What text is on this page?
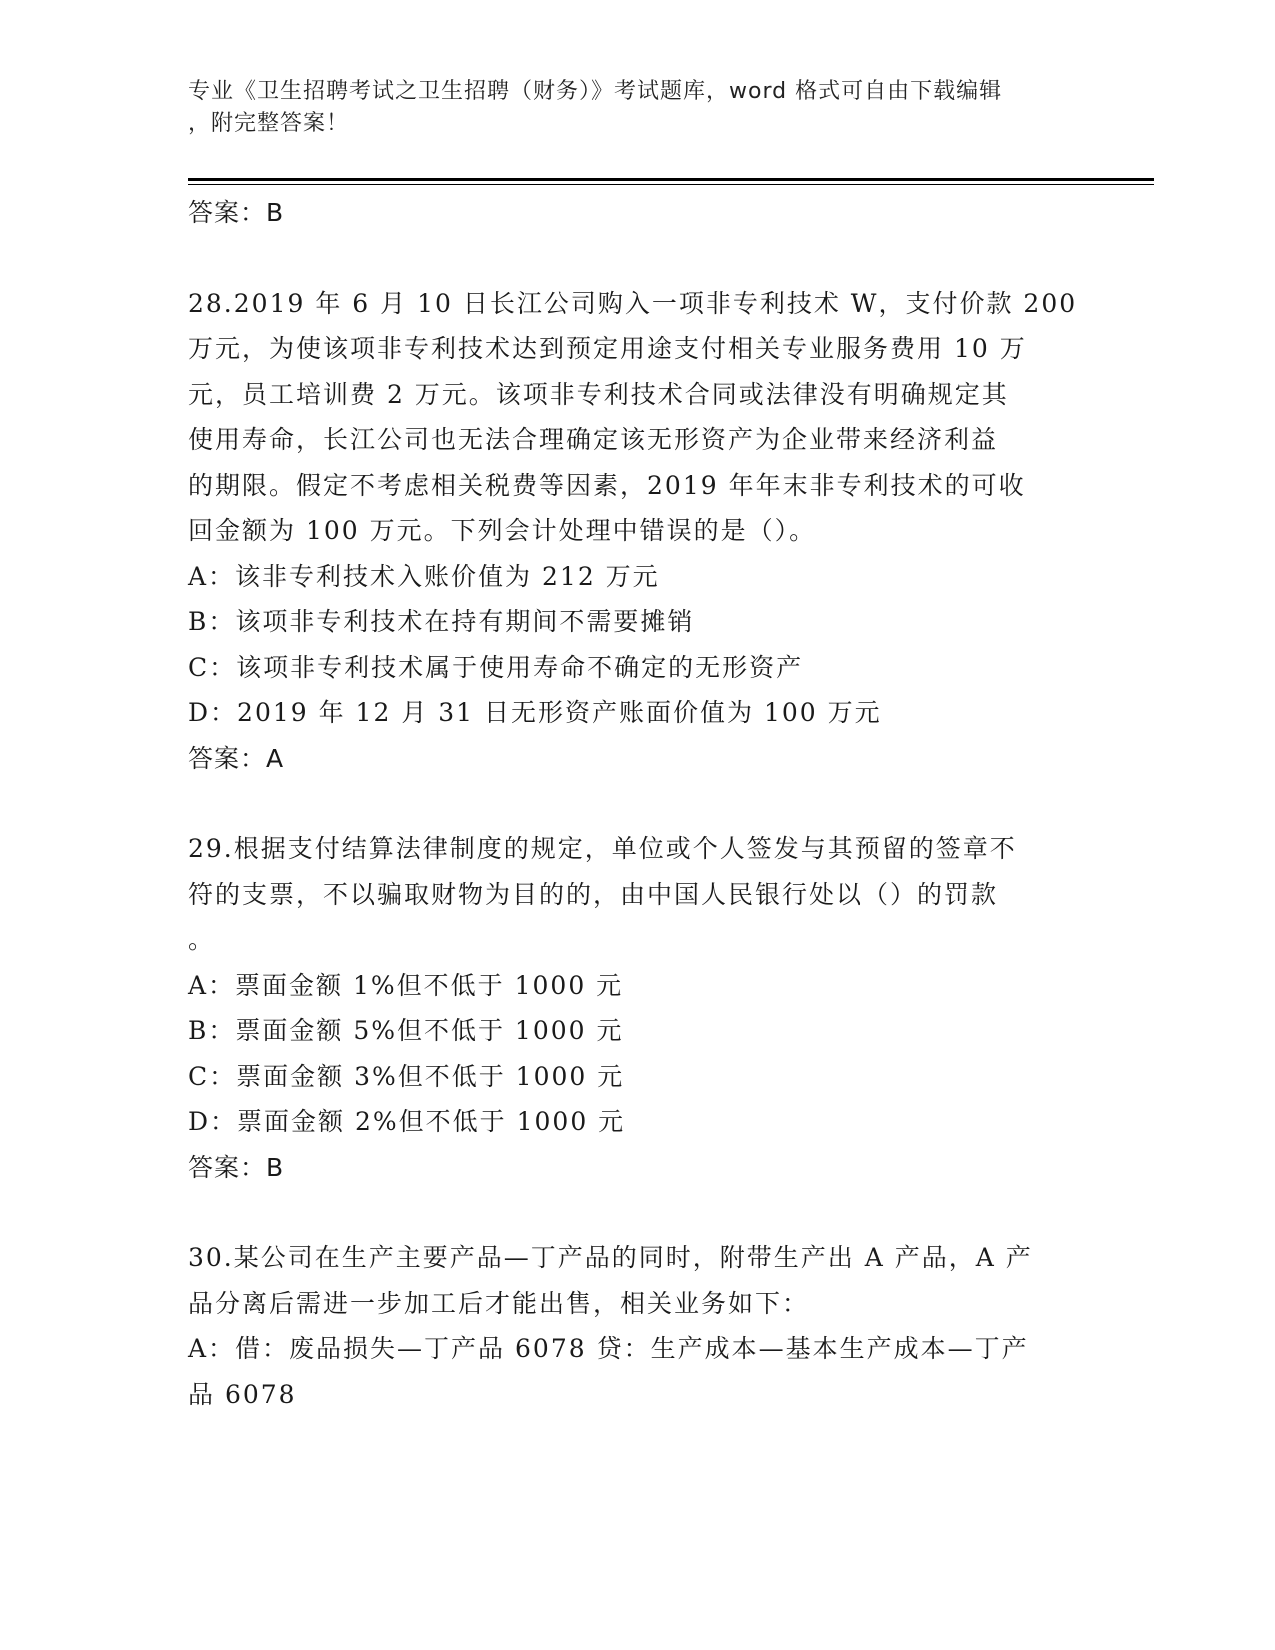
专业《卫生招聘考试之卫生招聘（财务）》考试题库，word 格式可自由下载编辑
，附完整答案！
答案：B

28.2019 年 6 月 10 日长江公司购入一项非专利技术 W，支付价款 200

万元，为使该项非专利技术达到预定用途支付相关专业服务费用 10 万

元，员工培训费 2 万元。该项非专利技术合同或法律没有明确规定其

使用寿命，长江公司也无法合理确定该无形资产为企业带来经济利益

的期限。假定不考虑相关税费等因素，2019 年年末非专利技术的可收

回金额为 100 万元。下列会计处理中错误的是（）。

A：该非专利技术入账价值为 212 万元

B：该项非专利技术在持有期间不需要摊销

C：该项非专利技术属于使用寿命不确定的无形资产

D：2019 年 12 月 31 日无形资产账面价值为 100 万元

答案：A

29.根据支付结算法律制度的规定，单位或个人签发与其预留的签章不

符的支票，不以骗取财物为目的的，由中国人民银行处以（）的罚款

。

A：票面金额 1%但不低于 1000 元

B：票面金额 5%但不低于 1000 元

C：票面金额 3%但不低于 1000 元

D：票面金额 2%但不低于 1000 元

答案：B

30.某公司在生产主要产品—丁产品的同时，附带生产出 A 产品，A 产

品分离后需进一步加工后才能出售，相关业务如下：

A：借：废品损失—丁产品 6078 贷：生产成本—基本生产成本—丁产

品 6078
